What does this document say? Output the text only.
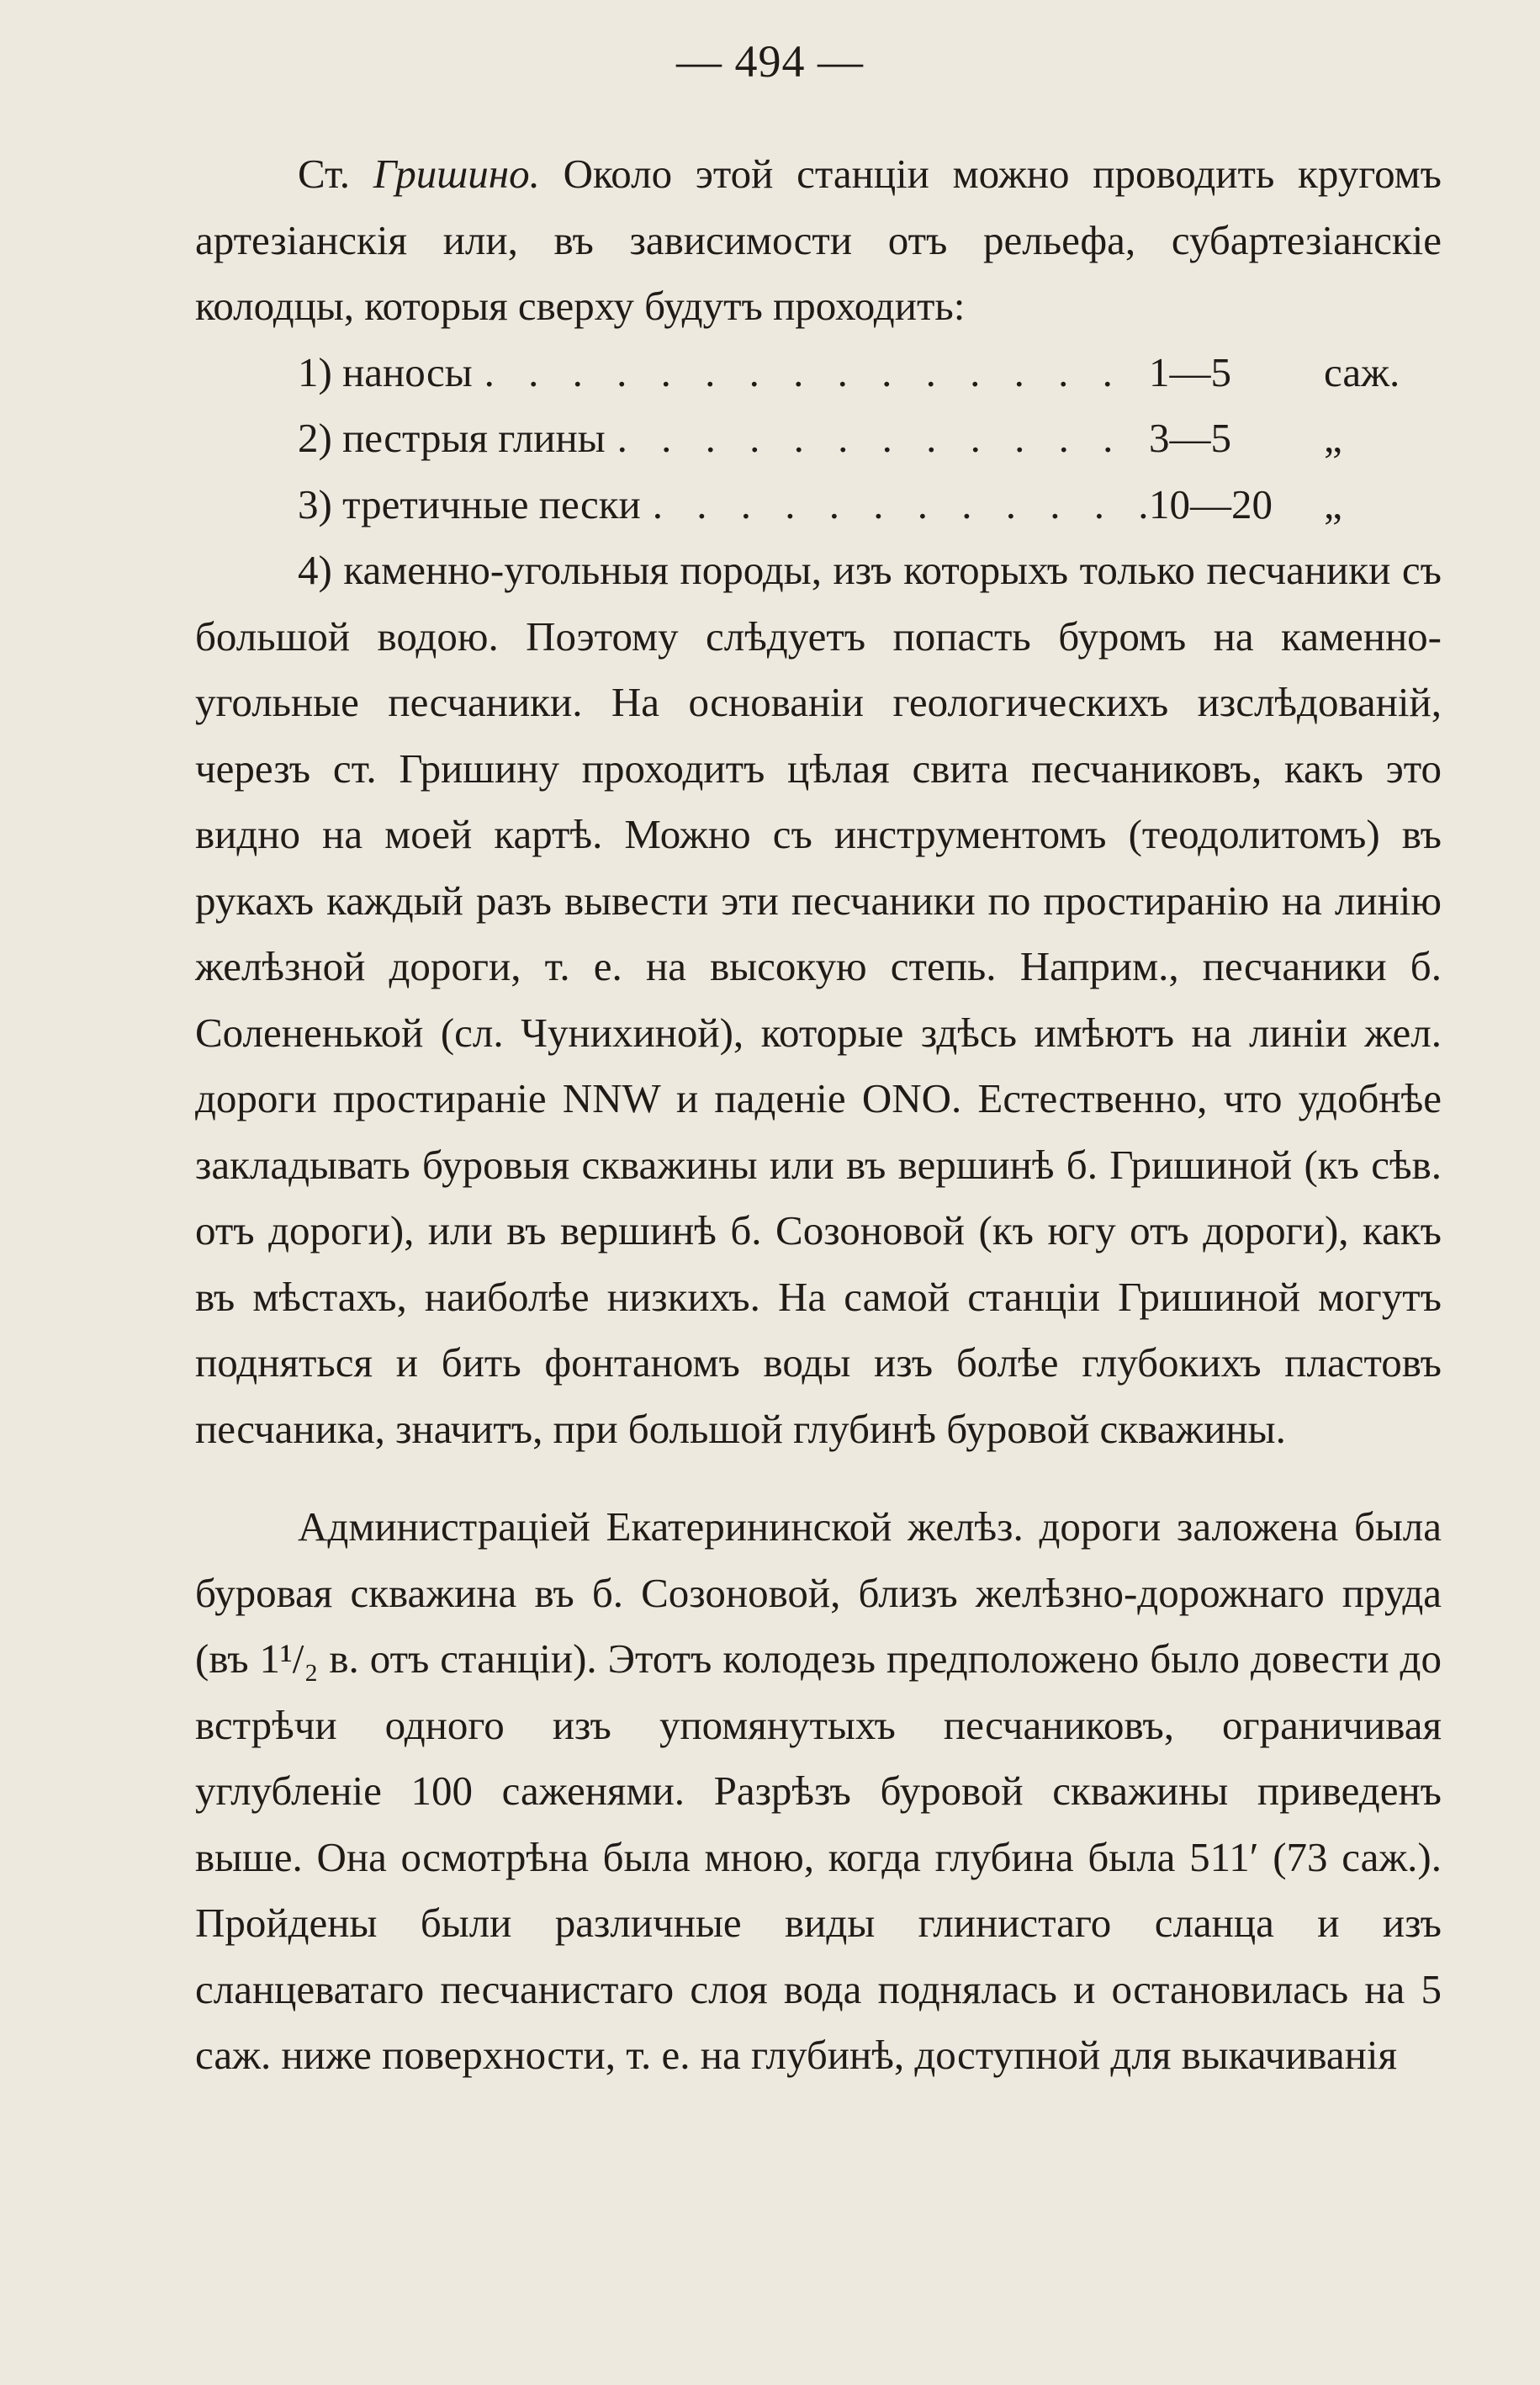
— 494 —

Ст. Гришино. Около этой станціи можно проводить кругомъ артезіанскія или, въ зависимости отъ рельефа, субартезіанскіе колодцы, которыя сверху будутъ проходить:

1) наносы . . .	1—5	саж.
2) пестрыя глины . . .	3—5	„
3) третичные пески . . .	10—20	„

4) каменно-угольныя породы, изъ которыхъ только песчаники съ большой водою. Поэтому слѣдуетъ попасть буромъ на каменно-угольные песчаники. На основаніи геологическихъ изслѣдованій, черезъ ст. Гришину проходитъ цѣлая свита песчаниковъ, какъ это видно на моей картѣ. Можно съ инструментомъ (теодолитомъ) въ рукахъ каждый разъ вывести эти песчаники по простиранію на линію желѣзной дороги, т. е. на высокую степь. Наприм., песчаники б. Солененькой (сл. Чунихиной), которые здѣсь имѣютъ на линіи жел. дороги простираніе NNW и паденіе ONO. Естественно, что удобнѣе закладывать буровыя скважины или въ вершинѣ б. Гришиной (къ сѣв. отъ дороги), или въ вершинѣ б. Созоновой (къ югу отъ дороги), какъ въ мѣстахъ, наиболѣе низкихъ. На самой станціи Гришиной могутъ подняться и бить фонтаномъ воды изъ болѣе глубокихъ пластовъ песчаника, значитъ, при большой глубинѣ буровой скважины.

Администраціей Екатерининской желѣз. дороги заложена была буровая скважина въ б. Созоновой, близъ желѣзно-дорожнаго пруда (въ 1¹/₂ в. отъ станціи). Этотъ колодезь предположено было довести до встрѣчи одного изъ упомянутыхъ песчаниковъ, ограничивая углубленіе 100 саженями. Разрѣзъ буровой скважины приведенъ выше. Она осмотрѣна была мною, когда глубина была 511′ (73 саж.). Пройдены были различные виды глинистаго сланца и изъ сланцеватаго песчанистаго слоя вода поднялась и остановилась на 5 саж. ниже поверхности, т. е. на глубинѣ, доступной для выкачиванія
